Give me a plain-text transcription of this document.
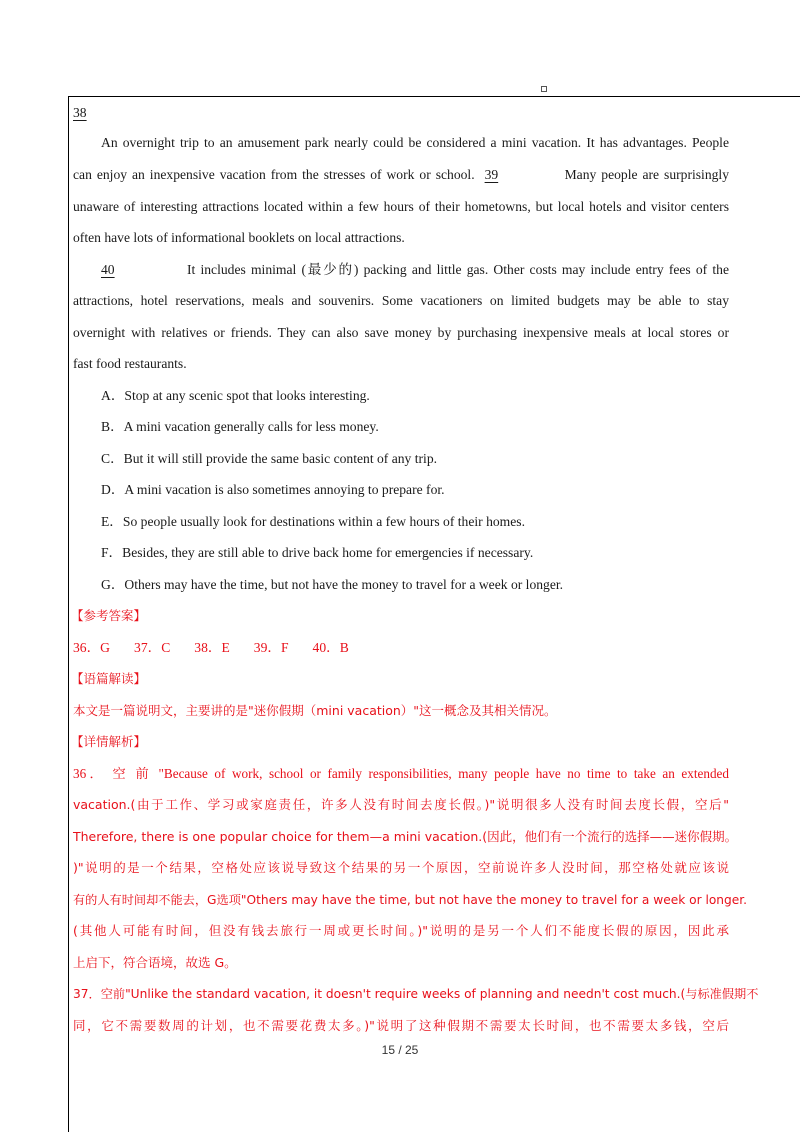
38
An overnight trip to an amusement park nearly could be considered a mini vacation. It has advantages. People
can enjoy an inexpensive vacation from the stresses of work or school. 39	Many people are surprisingly
unaware of interesting attractions located within a few hours of their hometowns, but local hotels and visitor centers
often have lots of informational booklets on local attractions.
40	It includes minimal (最少的) packing and little gas. Other costs may include entry fees of the
attractions, hotel reservations, meals and souvenirs. Some vacationers on limited budgets may be able to stay
overnight with relatives or friends. They can also save money by purchasing inexpensive meals at local stores or
fast food restaurants.
A．Stop at any scenic spot that looks interesting.
B．A mini vacation generally calls for less money.
C．But it will still provide the same basic content of any trip.
D．A mini vacation is also sometimes annoying to prepare for.
E．So people usually look for destinations within a few hours of their homes.
F．Besides, they are still able to drive back home for emergencies if necessary.
G．Others may have the time, but not have the money to travel for a week or longer.
【参考答案】
36．G 37．C 38．E 39．F 40．B
【语篇解读】
本文是一篇说明文，主要讲的是"迷你假期（mini vacation）"这一概念及其相关情况。
【详情解析】
36． 空 前 "Because of work, school or family responsibilities, many people have no time to take an extended
vacation.(由于工作、学习或家庭责任，许多人没有时间去度长假。)"说明很多人没有时间去度长假，空后"
Therefore, there is one popular choice for them—a mini vacation.(因此，他们有一个流行的选择——迷你假期。
)"说明的是一个结果，空格处应该说导致这个结果的另一个原因，空前说许多人没时间，那空格处就应该说
有的人有时间却不能去，G选项"Others may have the time, but not have the money to travel for a week or longer.
(其他人可能有时间，但没有钱去旅行一周或更长时间。)"说明的是另一个人们不能度长假的原因，因此承
上启下，符合语境，故选 G。
37．空前"Unlike the standard vacation, it doesn't require weeks of planning and needn't cost much.(与标准假期不
同，它不需要数周的计划，也不需要花费太多。)"说明了这种假期不需要太长时间，也不需要太多钱，空后
15 / 25
